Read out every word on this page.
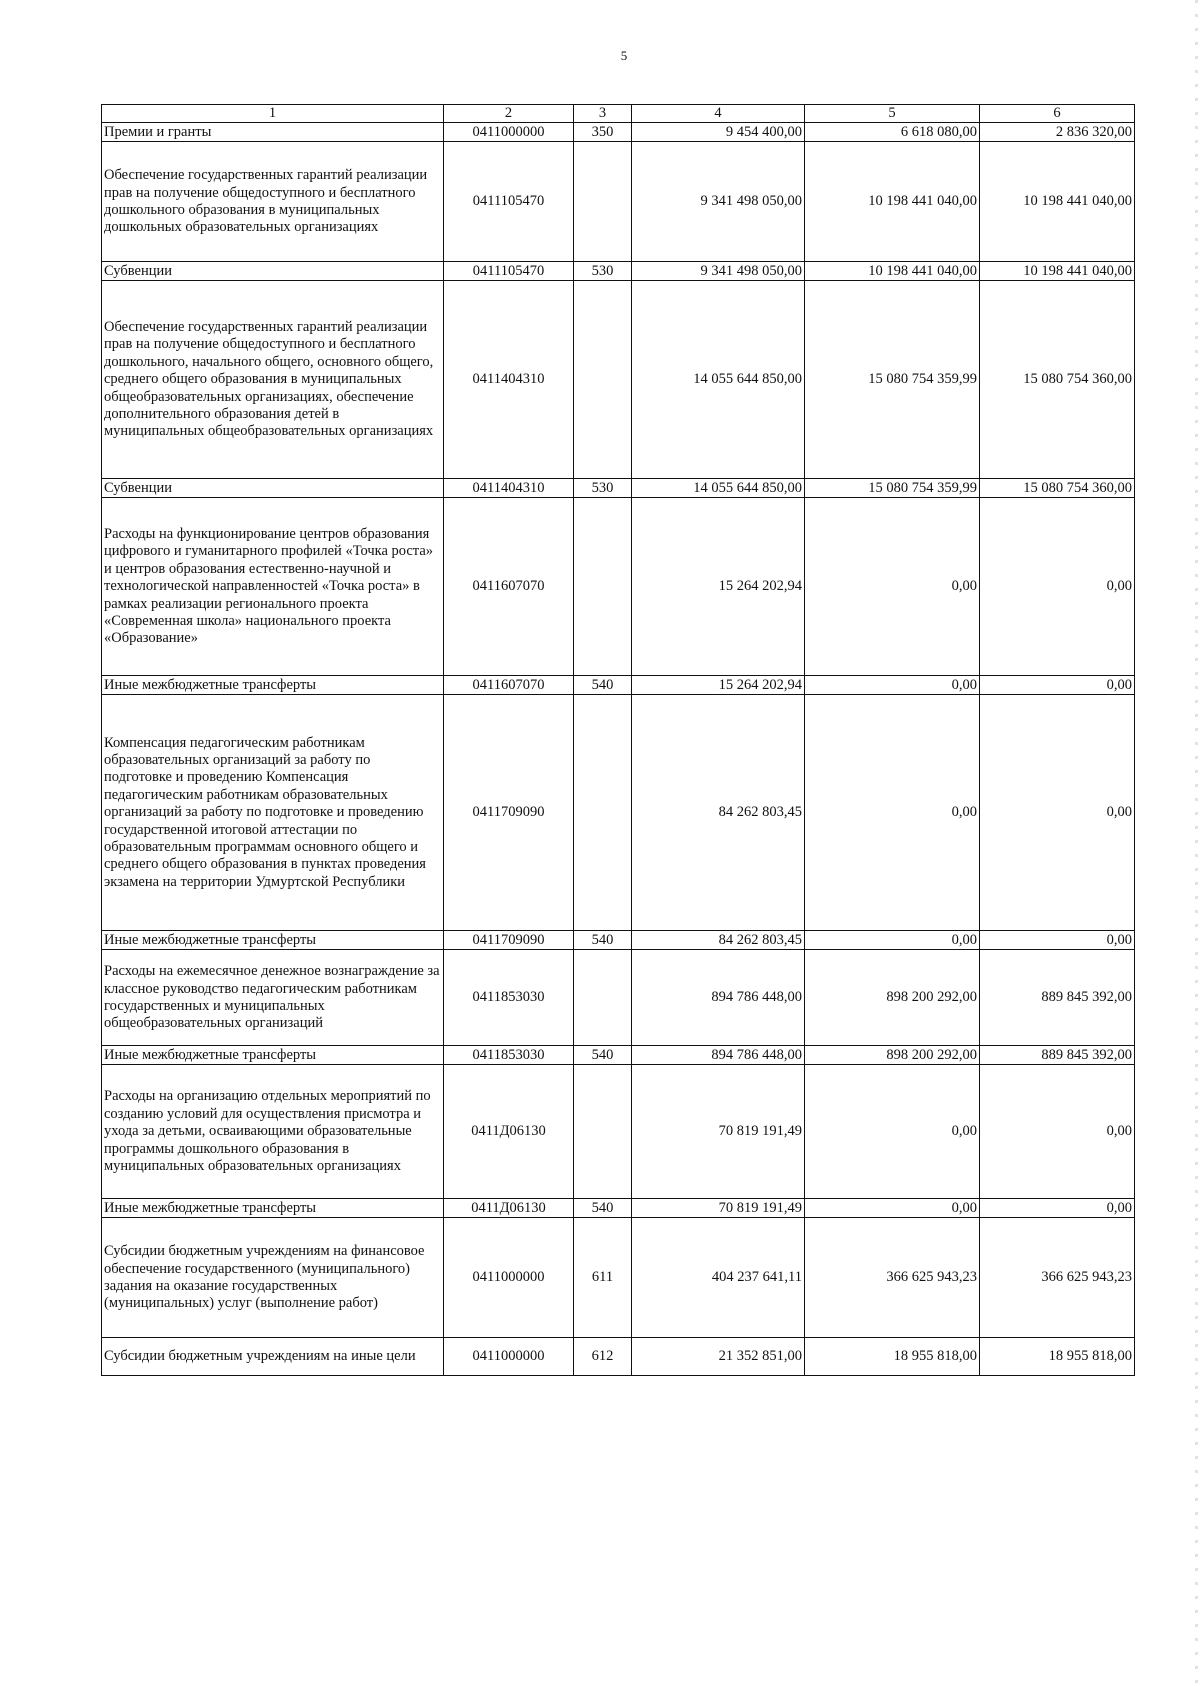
5
1	2	3	4	5	6
Премии и гранты	0411000000	350	9 454 400,00	6 618 080,00	2 836 320,00
Обеспечение государственных гарантий реализации прав на получение общедоступного и бесплатного дошкольного образования в муниципальных дошкольных образовательных организациях	0411105470		9 341 498 050,00	10 198 441 040,00	10 198 441 040,00
Субвенции	0411105470	530	9 341 498 050,00	10 198 441 040,00	10 198 441 040,00
Обеспечение государственных гарантий реализации прав на получение общедоступного и бесплатного дошкольного, начального общего, основного общего, среднего общего образования в муниципальных общеобразовательных организациях, обеспечение дополнительного образования детей в муниципальных общеобразовательных организациях	0411404310		14 055 644 850,00	15 080 754 359,99	15 080 754 360,00
Субвенции	0411404310	530	14 055 644 850,00	15 080 754 359,99	15 080 754 360,00
Расходы на функционирование центров образования цифрового и гуманитарного профилей «Точка роста» и центров образования естественно-научной и технологической направленностей «Точка роста» в рамках реализации регионального проекта «Современная школа» национального проекта «Образование»	0411607070		15 264 202,94	0,00	0,00
Иные межбюджетные трансферты	0411607070	540	15 264 202,94	0,00	0,00
Компенсация педагогическим работникам образовательных организаций за работу по подготовке и проведению Компенсация педагогическим работникам образовательных организаций за работу по подготовке и проведению государственной итоговой аттестации по образовательным программам основного общего и среднего общего образования в пунктах проведения экзамена на территории Удмуртской Республики	0411709090		84 262 803,45	0,00	0,00
Иные межбюджетные трансферты	0411709090	540	84 262 803,45	0,00	0,00
Расходы на ежемесячное денежное вознаграждение за классное руководство педагогическим работникам государственных и муниципальных общеобразовательных организаций	0411853030		894 786 448,00	898 200 292,00	889 845 392,00
Иные межбюджетные трансферты	0411853030	540	894 786 448,00	898 200 292,00	889 845 392,00
Расходы на организацию отдельных мероприятий по созданию условий для осуществления присмотра и ухода за детьми, осваивающими образовательные программы дошкольного образования в муниципальных образовательных организациях	0411Д06130		70 819 191,49	0,00	0,00
Иные межбюджетные трансферты	0411Д06130	540	70 819 191,49	0,00	0,00
Субсидии бюджетным учреждениям на финансовое обеспечение государственного (муниципального) задания на оказание государственных (муниципальных) услуг (выполнение работ)	0411000000	611	404 237 641,11	366 625 943,23	366 625 943,23
Субсидии бюджетным учреждениям на иные цели	0411000000	612	21 352 851,00	18 955 818,00	18 955 818,00
